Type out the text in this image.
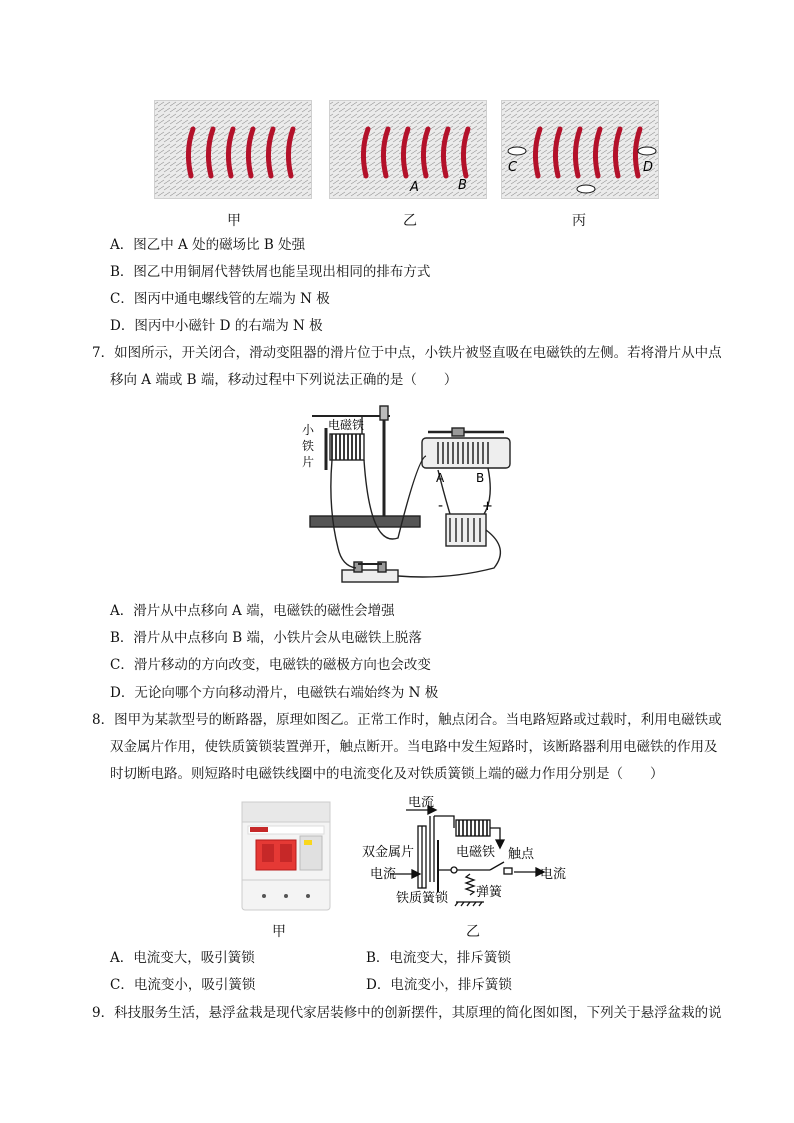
A	B
C	D
甲	乙	丙
A．图乙中 A 处的磁场比 B 处强
B．图乙中用铜屑代替铁屑也能呈现出相同的排布方式
C．图丙中通电螺线管的左端为 N 极
D．图丙中小磁针 D 的右端为 N 极
7．如图所示，开关闭合，滑动变阻器的滑片位于中点，小铁片被竖直吸在电磁铁的左侧。若将滑片从中点
移向 A 端或 B 端，移动过程中下列说法正确的是（　　）
小
铁
片
电磁铁
A	B
-	+
A．滑片从中点移向 A 端，电磁铁的磁性会增强
B．滑片从中点移向 B 端，小铁片会从电磁铁上脱落
C．滑片移动的方向改变，电磁铁的磁极方向也会改变
D．无论向哪个方向移动滑片，电磁铁右端始终为 N 极
8．图甲为某款型号的断路器，原理如图乙。正常工作时，触点闭合。当电路短路或过载时，利用电磁铁或
双金属片作用，使铁质簧锁装置弹开，触点断开。当电路中发生短路时，该断路器利用电磁铁的作用及
时切断电路。则短路时电磁铁线圈中的电流变化及对铁质簧锁上端的磁力作用分别是（　　）
电流
双金属片
电流
电磁铁 触点
电流
弹簧
铁质簧锁
甲	乙
A．电流变大，吸引簧锁	B．电流变大，排斥簧锁
C．电流变小，吸引簧锁	D．电流变小，排斥簧锁
9．科技服务生活，悬浮盆栽是现代家居装修中的创新摆件，其原理的简化图如图，下列关于悬浮盆栽的说
